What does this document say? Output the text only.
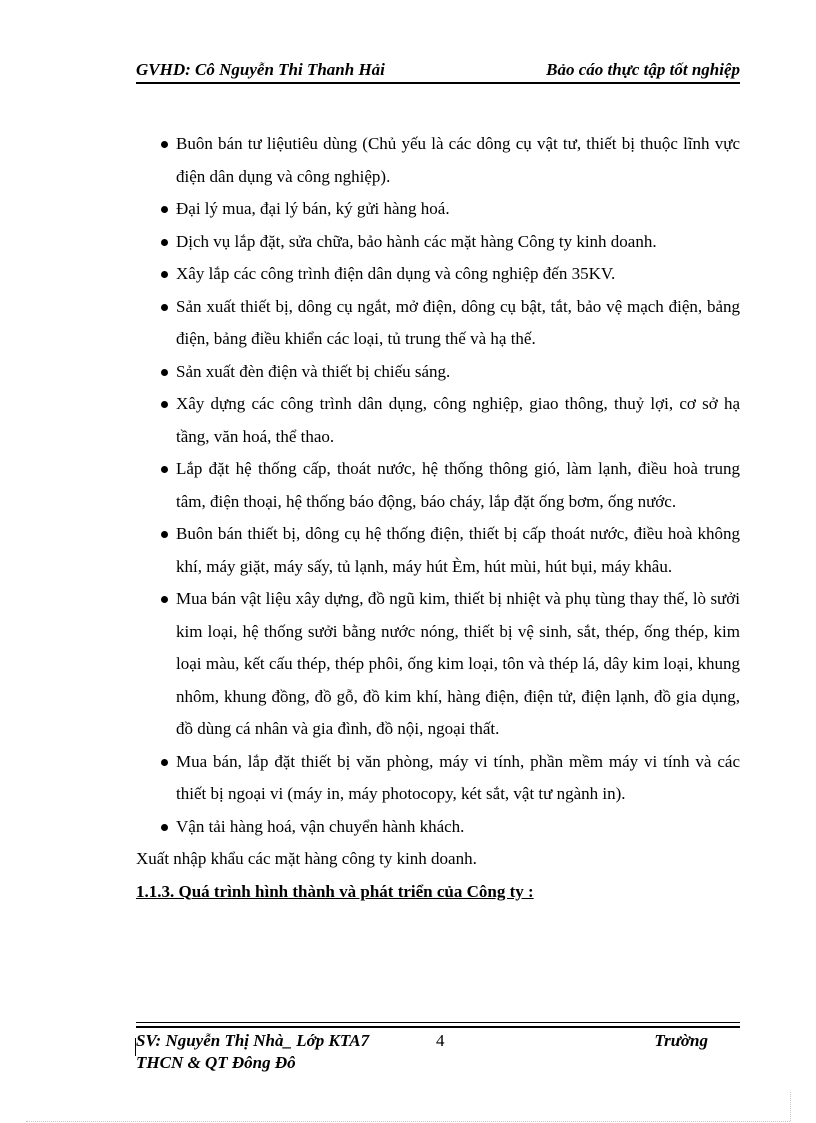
GVHD: Cô Nguyễn Thi Thanh Hải	Bảo cáo thực tập tốt nghiệp
Buôn bán tư liệutiêu dùng (Chủ yếu là các dông cụ vật tư, thiết bị thuộc lĩnh vực điện dân dụng và công nghiệp).
Đại lý mua, đại lý bán, ký gửi hàng hoá.
Dịch vụ lắp đặt, sửa chữa, bảo hành các mặt hàng Công ty kinh doanh.
Xây lắp các công trình điện dân dụng và công nghiệp đến 35KV.
Sản xuất thiết bị, dông cụ ngắt, mở điện, dông cụ bật, tắt, bảo vệ mạch điện, bảng điện, bảng điều khiển các loại, tủ trung thế và hạ thế.
Sản xuất đèn điện và thiết bị chiếu sáng.
Xây dựng các công trình dân dụng, công nghiệp, giao thông, thuỷ lợi, cơ sở hạ tầng, văn hoá, thể thao.
Lắp đặt hệ thống cấp, thoát nước, hệ thống thông gió, làm lạnh, điều hoà trung tâm, điện thoại, hệ thống báo động, báo cháy, lắp đặt ống bơm, ống nước.
Buôn bán thiết bị, dông cụ hệ thống điện, thiết bị cấp thoát nước, điều hoà không khí, máy giặt, máy sấy, tủ lạnh, máy hút Èm, hút mùi, hút bụi, máy khâu.
Mua bán vật liệu xây dựng, đồ ngũ kim, thiết bị nhiệt và phụ tùng thay thế, lò sưởi kim loại, hệ thống sưởi bằng nước nóng, thiết bị vệ sinh, sắt, thép, ống thép, kim loại màu, kết cấu thép, thép phôi, ống kim loại, tôn và thép lá, dây kim loại, khung nhôm, khung đồng, đồ gỗ, đồ kim khí, hàng điện, điện tử, điện lạnh, đồ gia dụng, đồ dùng cá nhân và gia đình, đồ nội, ngoại thất.
Mua bán, lắp đặt thiết bị văn phòng, máy vi tính, phần mềm máy vi tính và các thiết bị ngoại vi (máy in, máy photocopy, két sắt, vật tư ngành in).
Vận tải hàng hoá, vận chuyển hành khách.

Xuất nhập khẩu các mặt hàng công ty kinh doanh.

1.1.3. Quá trình hình thành và phát triển của Công ty :

SV: Nguyễn Thị Nhà_ Lớp KTA7	4	Trường
THCN & QT Đông Đô
